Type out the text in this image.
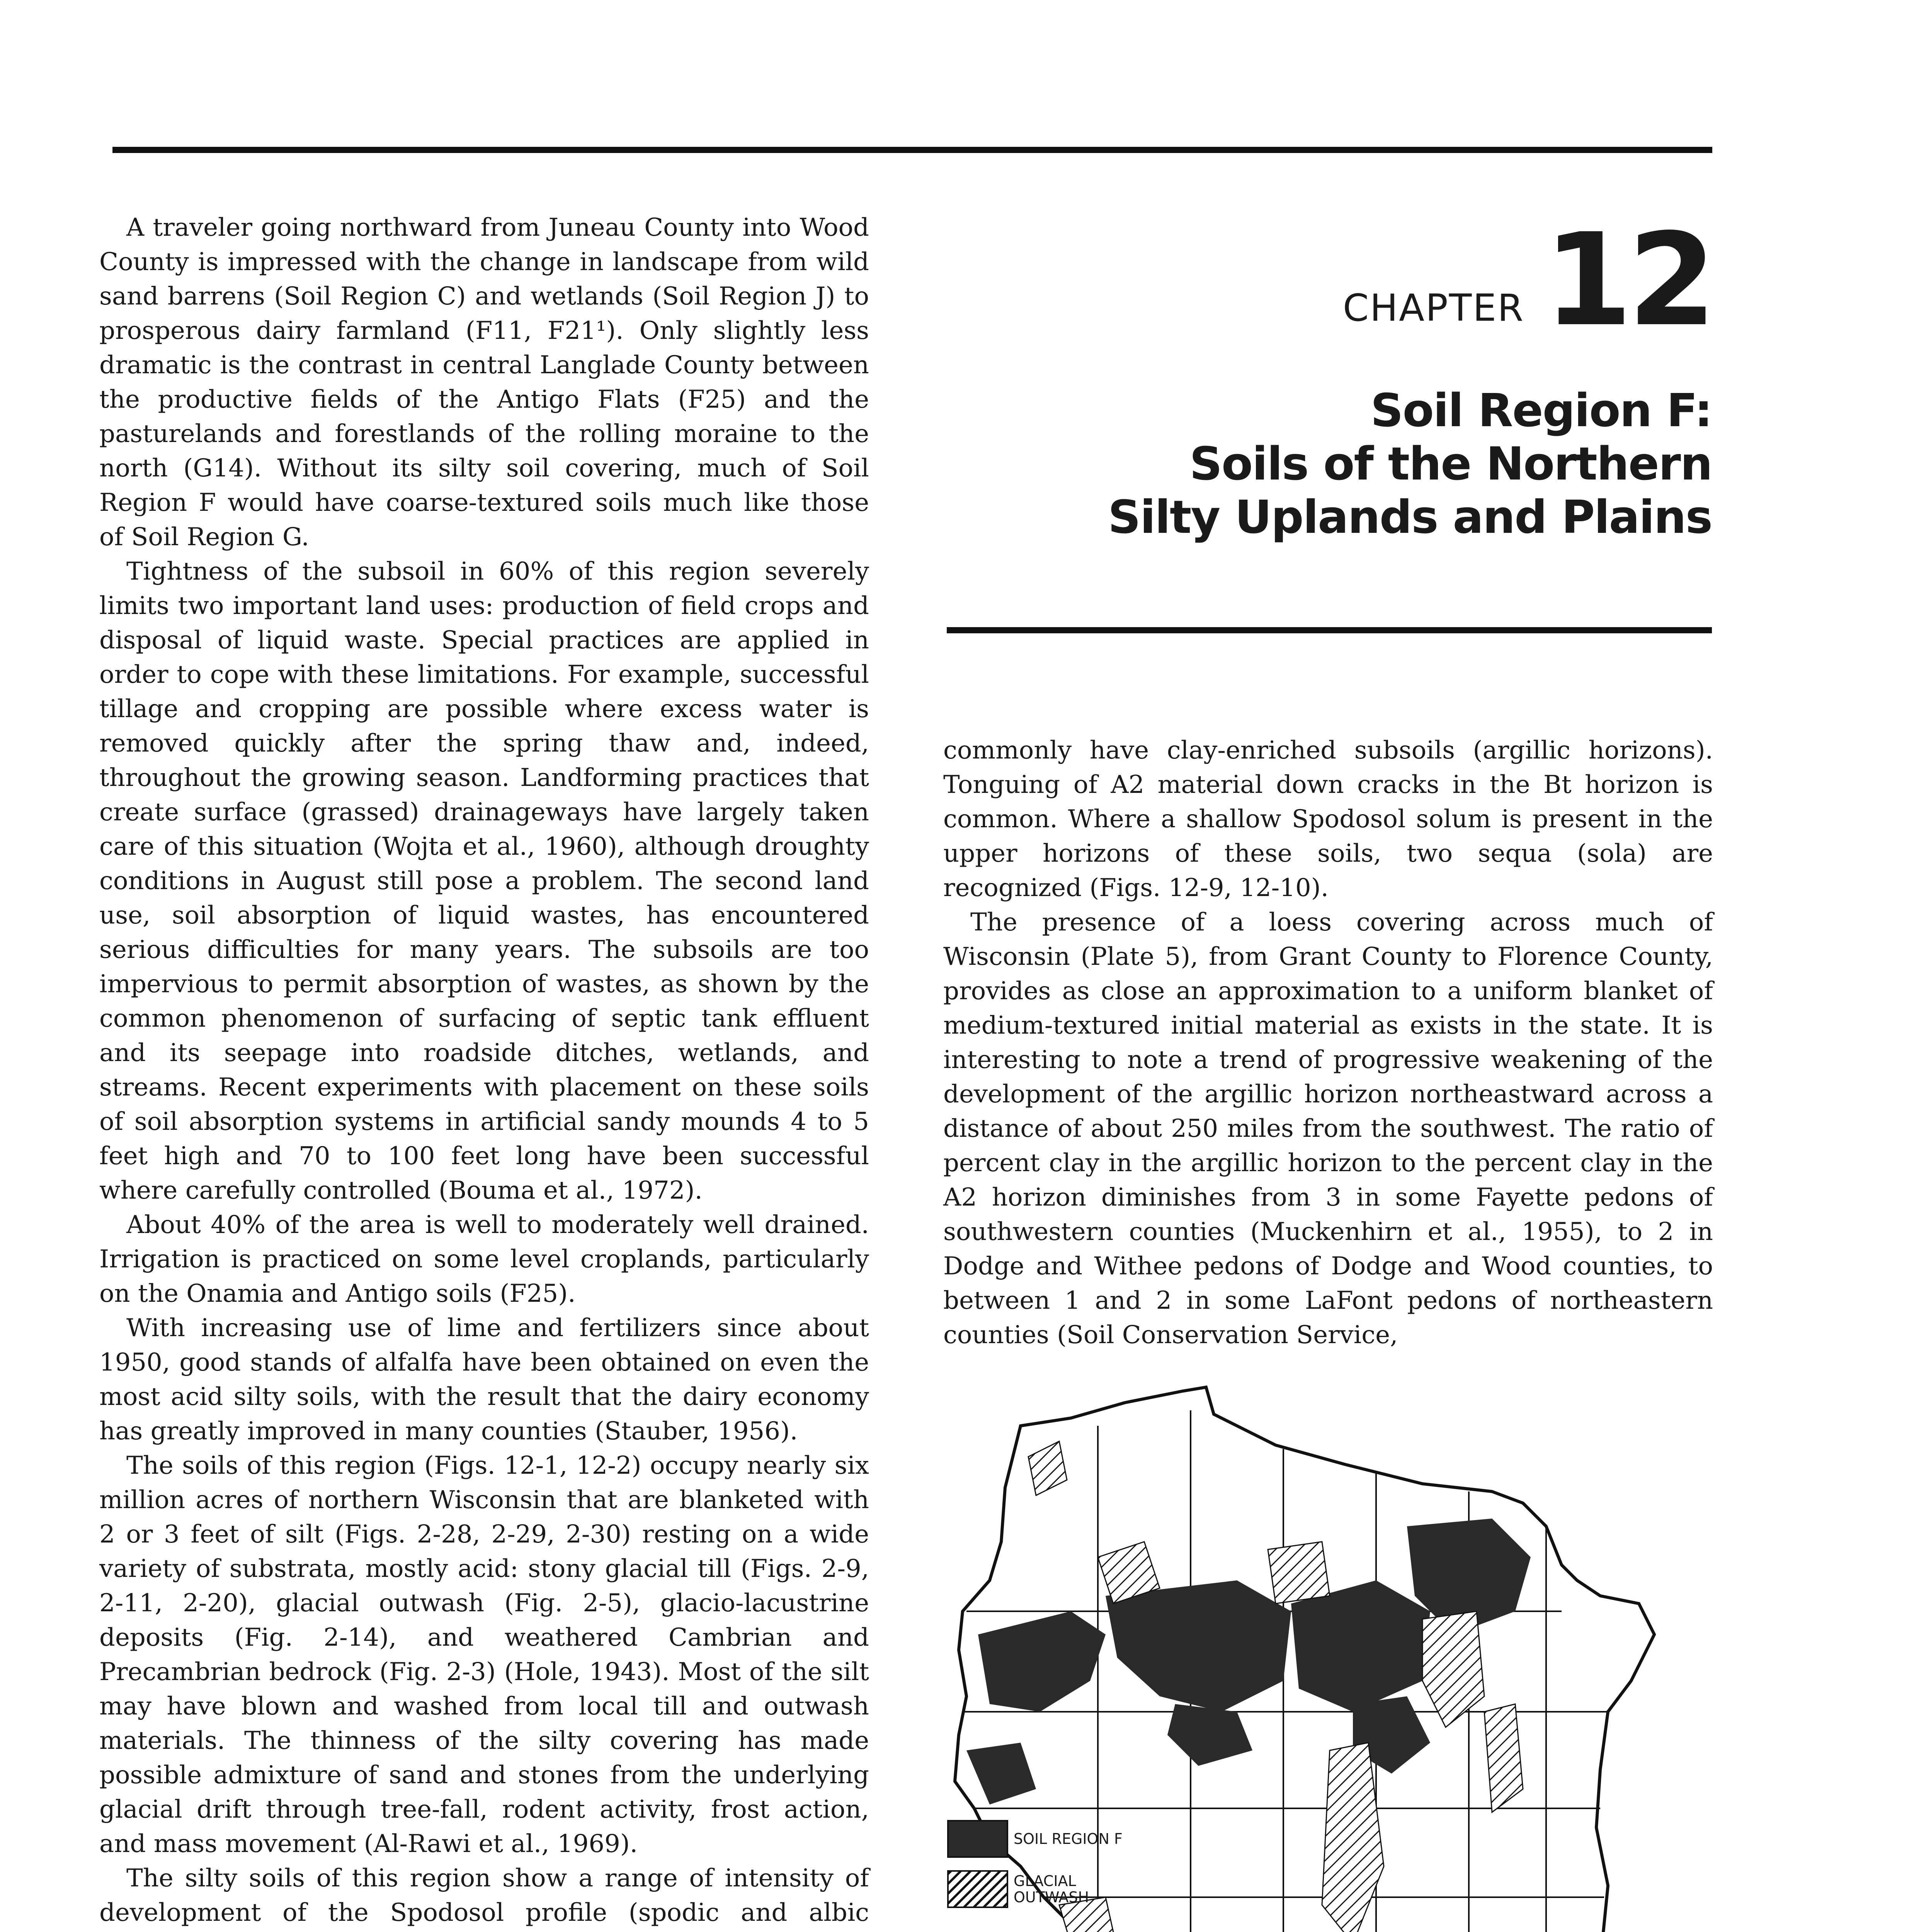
A traveler going northward from Juneau County into Wood County is impressed with the change in landscape from wild sand barrens (Soil Region C) and wetlands (Soil Region J) to prosperous dairy farmland (F11, F21¹). Only slightly less dramatic is the contrast in central Langlade County between the productive fields of the Antigo Flats (F25) and the pasturelands and forestlands of the rolling moraine to the north (G14). Without its silty soil covering, much of Soil Region F would have coarse-textured soils much like those of Soil Region G.

Tightness of the subsoil in 60% of this region severely limits two important land uses: production of field crops and disposal of liquid waste. Special practices are applied in order to cope with these limitations. For example, successful tillage and cropping are possible where excess water is removed quickly after the spring thaw and, indeed, throughout the growing season. Landforming practices that create surface (grassed) drainageways have largely taken care of this situation (Wojta et al., 1960), although droughty conditions in August still pose a problem. The second land use, soil absorption of liquid wastes, has encountered serious difficulties for many years. The subsoils are too impervious to permit absorption of wastes, as shown by the common phenomenon of surfacing of septic tank effluent and its seepage into roadside ditches, wetlands, and streams. Recent experiments with placement on these soils of soil absorption systems in artificial sandy mounds 4 to 5 feet high and 70 to 100 feet long have been successful where carefully controlled (Bouma et al., 1972).

About 40% of the area is well to moderately well drained. Irrigation is practiced on some level croplands, particularly on the Onamia and Antigo soils (F25).

With increasing use of lime and fertilizers since about 1950, good stands of alfalfa have been obtained on even the most acid silty soils, with the result that the dairy economy has greatly improved in many counties (Stauber, 1956).

The soils of this region (Figs. 12-1, 12-2) occupy nearly six million acres of northern Wisconsin that are blanketed with 2 or 3 feet of silt (Figs. 2-28, 2-29, 2-30) resting on a wide variety of substrata, mostly acid: stony glacial till (Figs. 2-9, 2-11, 2-20), glacial outwash (Fig. 2-5), glacio-lacustrine deposits (Fig. 2-14), and weathered Cambrian and Precambrian bedrock (Fig. 2-3) (Hole, 1943). Most of the silt may have blown and washed from local till and outwash materials. The thinness of the silty covering has made possible admixture of sand and stones from the underlying glacial drift through tree-fall, rodent activity, frost action, and mass movement (Al-Rawi et al., 1969).

The silty soils of this region show a range of intensity of development of the Spodosol profile (spodic and albic

CHAPTER 12
Soil Region F:
Soils of the Northern
Silty Uplands and Plains

commonly have clay-enriched subsoils (argillic horizons). Tonguing of A2 material down cracks in the Bt horizon is common. Where a shallow Spodosol solum is present in the upper horizons of these soils, two sequa (sola) are recognized (Figs. 12-9, 12-10).

The presence of a loess covering across much of Wisconsin (Plate 5), from Grant County to Florence County, provides as close an approximation to a uniform blanket of medium-textured initial material as exists in the state. It is interesting to note a trend of progressive weakening of the development of the argillic horizon northeastward across a distance of about 250 miles from the southwest. The ratio of percent clay in the argillic horizon to the percent clay in the A2 horizon diminishes from 3 in some Fayette pedons of southwestern counties (Muckenhirn et al., 1955), to 2 in Dodge and Withee pedons of Dodge and Wood counties, to between 1 and 2 in some LaFont pedons of northeastern counties (Soil Conservation Service,

SOIL REGION F
GLACIAL
OUTWASH
